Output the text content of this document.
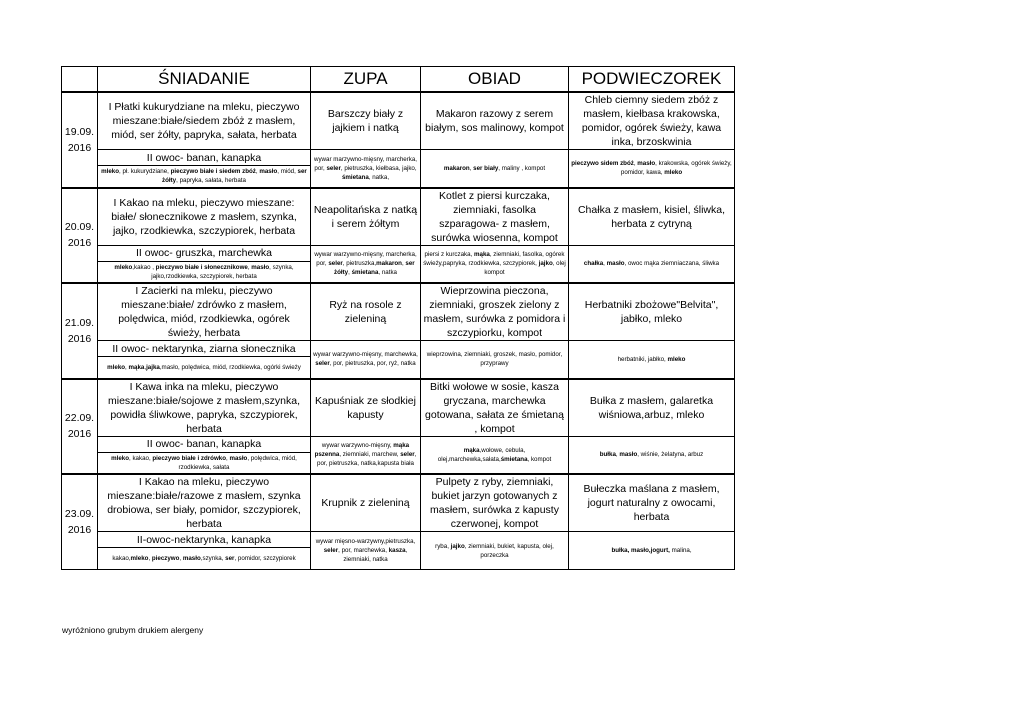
	ŚNIADANIE	ZUPA	OBIAD	PODWIECZOREK
19.09. 2016	I Płatki kukurydziane na mleku, pieczywo mieszane:białe/siedem zbóż z masłem, miód, ser żółty, papryka, sałata, herbata	Barszczy biały z jajkiem i natką	Makaron razowy z serem białym, sos malinowy, kompot	Chleb ciemny siedem zbóż z masłem, kiełbasa krakowska, pomidor, ogórek świeży, kawa inka, brzoskwinia
	II owoc- banan, kanapka	wywar marzywno-mięsny, marcherka, por, seler, pietruszka, kiełbasa, jajko, śmietana, natka,	makaron, ser biały, maliny , kompot	pieczywo sidem zbóż, masło, krakowska, ogórek świeży, pomidor, kawa, mleko
	mleko, pł. kukurydziane, pieczywo białe i siedem zbóż, masło, miód, ser żółty, papryka, sałata, herbata			
20.09. 2016	I Kakao na mleku, pieczywo mieszane: białe/ słonecznikowe z masłem, szynka, jajko, rzodkiewka, szczypiorek, herbata	Neapolitańska z natką i serem żółtym	Kotlet z piersi kurczaka, ziemniaki, fasolka szparagowa- z masłem, surówka wiosenna, kompot	Chałka z masłem, kisiel, śliwka, herbata z cytryną
	II owoc- gruszka, marchewka	wywar warzywno-mięsny, marcherka, por, seler, pietruszka,makaron, ser żółty, śmietana, natka	piersi z kurczaka, mąka, ziemniaki, fasolka, ogórek świeży,papryka, rzodkiewka, szczypiorek, jajko, olej kompot	chałka, masło, owoc mąka ziemniaczana, śliwka
	mleko,kakao , pieczywo białe i słonecznikowe, masło, szynka, jajko,rzodkiewka, szczypiorek, herbata			
21.09. 2016	I Zacierki na mleku, pieczywo mieszane:białe/ zdrówko z masłem, polędwica, miód, rzodkiewka, ogórek świeży, herbata	Ryż na rosole z zieleniną	Wieprzowina pieczona, ziemniaki, groszek zielony z masłem, surówka z pomidora i szczypiorku, kompot	Herbatniki zbożowe"Belvita", jabłko, mleko
	II owoc- nektarynka, ziarna słonecznika	wywar warzywno-mięsny, marchewka, seler, por, pietruszka, por, ryż, natka	wieprzowina, ziemniaki, groszek, masło, pomidor, przyprawy	herbatniki, jabłko, mleko
	mleko, mąka,jajka,masło, polędwica, miód, rzodkiewka, ogórki świeży			
22.09. 2016	I Kawa inka na mleku, pieczywo mieszane:białe/sojowe z masłem,szynka, powidła śliwkowe, papryka, szczypiorek, herbata	Kapuśniak ze słodkiej kapusty	Bitki wołowe w sosie, kasza gryczana, marchewka gotowana, sałata ze śmietaną , kompot	Bułka z masłem, galaretka wiśniowa,arbuz, mleko
	II owoc- banan, kanapka	wywar warzywno-mięsny, mąka pszenna, ziemniaki, marchew, seler, por, pietruszka, natka,kapusta biała	mąka,wołowe, cebula, olej,marchewka,sałata,śmietana, kompot	bułka, masło, wiśnie, żelatyna, arbuz
	mleko, kakao, pieczywo białe i zdrówko, masło, polędwica, miód, rzodkiewka, sałata			
23.09. 2016	I Kakao na mleku, pieczywo mieszane:białe/razowe z masłem, szynka drobiowa, ser biały, pomidor, szczypiorek, herbata	Krupnik z zieleniną	Pulpety z ryby, ziemniaki, bukiet jarzyn gotowanych z masłem, surówka z kapusty czerwonej, kompot	Bułeczka maślana z masłem, jogurt naturalny z owocami, herbata
	II-owoc-nektarynka, kanapka	wywar mięsno-warzywny,pietruszka, seler, por, marchewka, kasza, ziemniaki, natka	ryba, jajko, ziemniaki, bukiet, kapusta, olej, porzeczka	bułka, masło,jogurt, malina,
	kakao,mleko, pieczywo, masło,szynka, ser, pomidor, szczypiorek			
wyróżniono grubym drukiem alergeny
